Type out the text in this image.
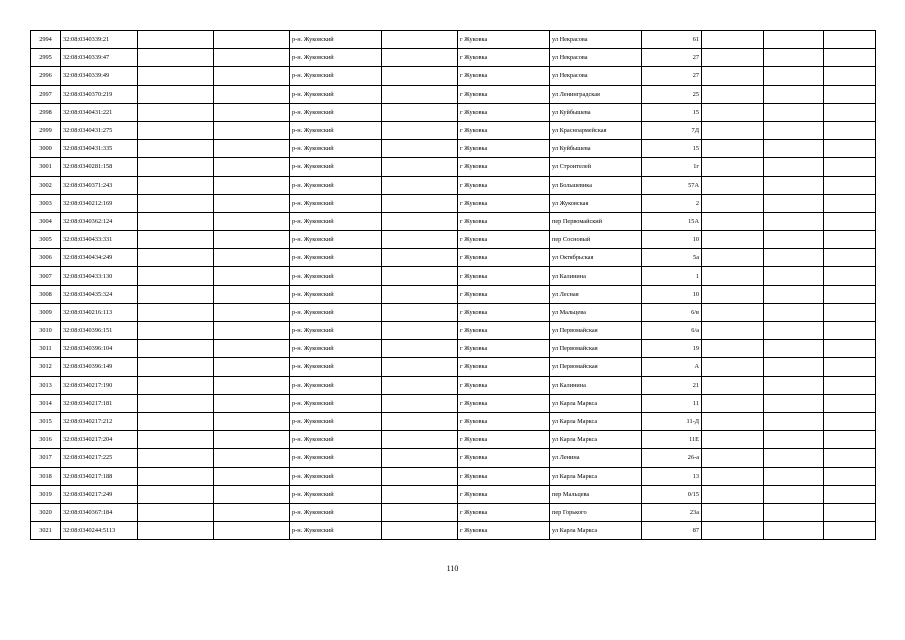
2994	32:08:0340339:21			р-н. Жуковский		г Жуковка	ул Некрасова	61			
2995	32:08:0340339:47			р-н. Жуковский		г Жуковка	ул Некрасова	27			
2996	32:08:0340339:49			р-н. Жуковский		г Жуковка	ул Некрасова	27			
2997	32:08:0340370:219			р-н. Жуковский		г Жуковка	ул Ленинградская	25			
2998	32:08:0340431:221			р-н. Жуковский		г Жуковка	ул Куйбышева	15			
2999	32:08:0340431:275			р-н. Жуковский		г Жуковка	ул Красноармейская	7Д			
3000	32:08:0340431:335			р-н. Жуковский		г Жуковка	ул Куйбышева	15			
3001	32:08:0340281:158			р-н. Жуковский		г Жуковка	ул Строителей	1г			
3002	32:08:0340371:243			р-н. Жуковский		г Жуковка	ул Большевика	57А			
3003	32:08:0340212:169			р-н. Жуковский		г Жуковка	ул Жуковская	2			
3004	32:08:0340362:124			р-н. Жуковский		г Жуковка	пер Первомайский	15А			
3005	32:08:0340433:331			р-н. Жуковский		г Жуковка	пер Сосновый	10			
3006	32:08:0340434:249			р-н. Жуковский		г Жуковка	ул Октябрьская	5а			
3007	32:08:0340433:130			р-н. Жуковский		г Жуковка	ул Калинина	1			
3008	32:08:0340435:324			р-н. Жуковский		г Жуковка	ул Лесная	10			
3009	32:08:0340216:113			р-н. Жуковский		г Жуковка	ул Мальцева	6/в			
3010	32:08:0340396:151			р-н. Жуковский		г Жуковка	ул Первомайская	6/а			
3011	32:08:0340396:104			р-н. Жуковский		г Жуковка	ул Первомайская	19			
3012	32:08:0340396:149			р-н. Жуковский		г Жуковка	ул Первомайская	А			
3013	32:08:0340217:190			р-н. Жуковский		г Жуковка	ул Калинина	21			
3014	32:08:0340217:181			р-н. Жуковский		г Жуковка	ул Карла Маркса	11			
3015	32:08:0340217:212			р-н. Жуковский		г Жуковка	ул Карла Маркса	11-Д			
3016	32:08:0340217:204			р-н. Жуковский		г Жуковка	ул Карла Маркса	11Е			
3017	32:08:0340217:225			р-н. Жуковский		г Жуковка	ул Ленина	26-а			
3018	32:08:0340217:188			р-н. Жуковский		г Жуковка	ул Карла Маркса	13			
3019	32:08:0340217:249			р-н. Жуковский		г Жуковка	пер Мальцева	0/15			
3020	32:08:0340367:184			р-н. Жуковский		г Жуковка	пер Горького	23а			
3021	32:08:0340244:5113			р-н. Жуковский		г Жуковка	ул Карла Маркса	87			
110
